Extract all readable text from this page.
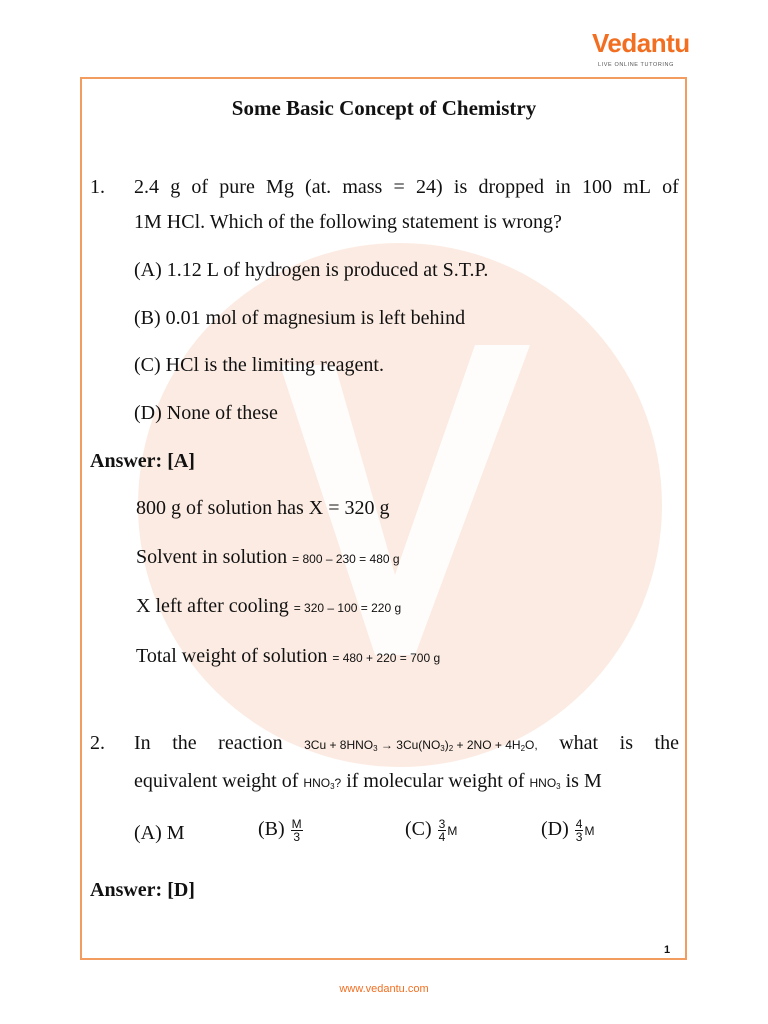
Vedantu
LIVE ONLINE TUTORING
Some Basic Concept of Chemistry
1. 2.4 g of pure Mg (at. mass = 24) is dropped in 100 mL of
1M HCl. Which of the following statement is wrong?
(A) 1.12 L of hydrogen is produced at S.T.P.
(B) 0.01 mol of magnesium is left behind
(C) HCl is the limiting reagent.
(D) None of these
Answer: [A]
800 g of solution has X = 320 g
Solvent in solution = 800 – 230 = 480 g
X left after cooling = 320 – 100 = 220 g
Total weight of solution = 480 + 220 = 700 g
2. In the reaction $3Cu + 8HNO_3 \to 3Cu(NO_3)_2 + 2NO + 4H_2O$, what is the
equivalent weight of $HNO_3$? if molecular weight of $HNO_3$ is M
(A) M	$(B) \frac{M}{3}$	$(C) \frac{3}{4}$ M	$(D) \frac{4}{3}$ M
Answer: [D]
1
www.vedantu.com
